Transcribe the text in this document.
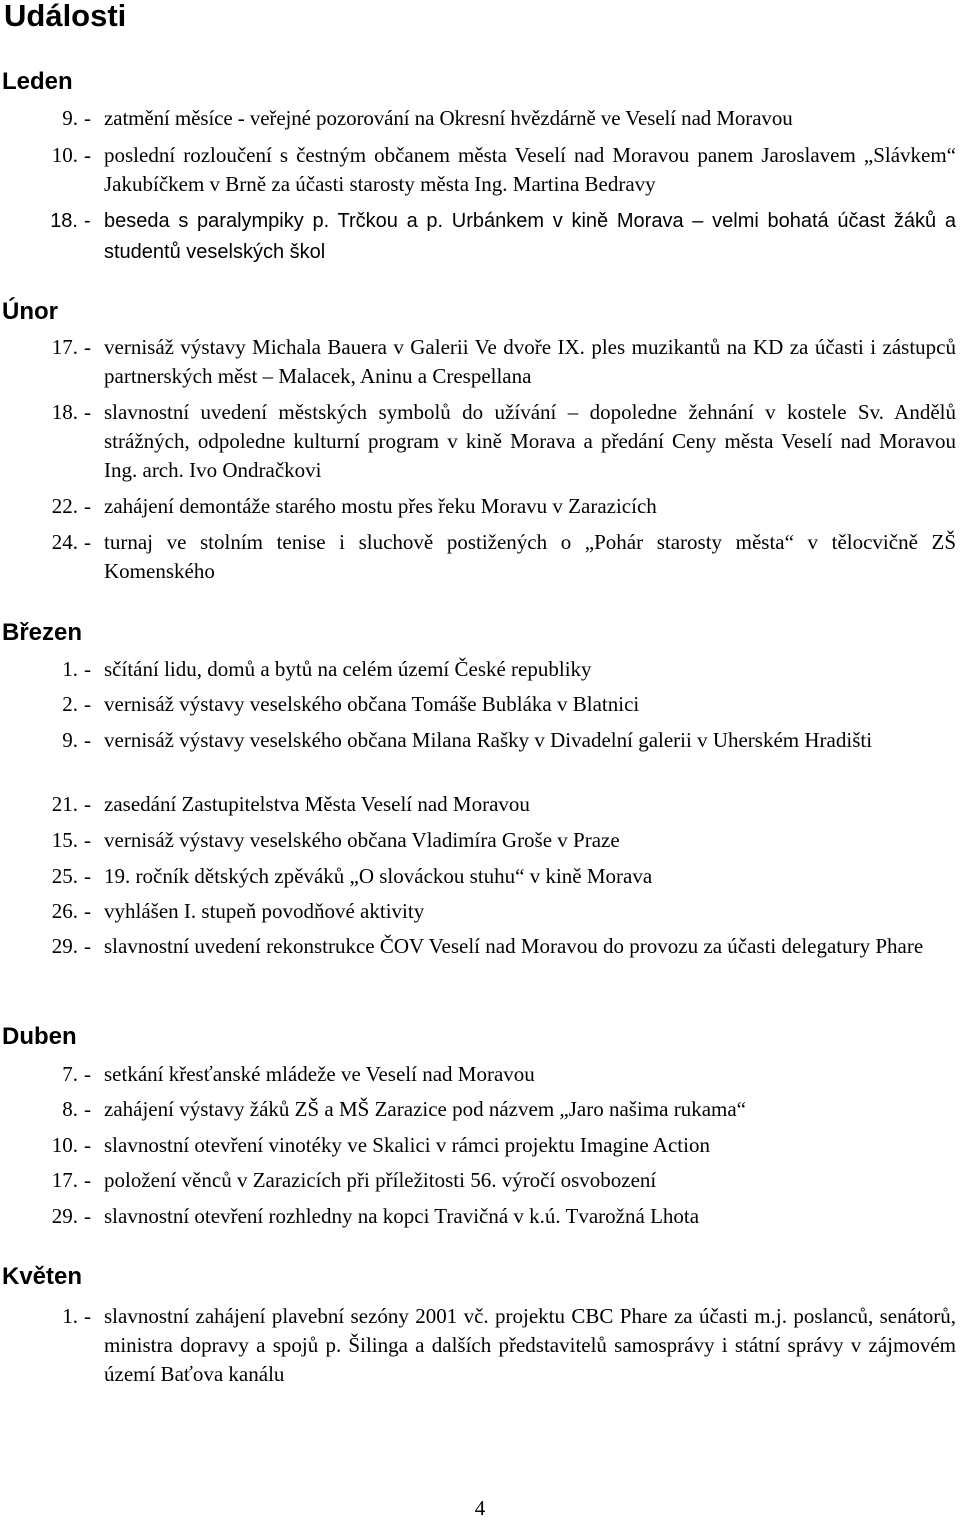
Události
Leden
9. - zatmění měsíce - veřejné pozorování na Okresní hvězdárně ve Veselí nad Moravou
10. - poslední rozloučení s čestným občanem města Veselí nad Moravou panem Jaroslavem „Slávkem“ Jakubíčkem v Brně za účasti starosty města Ing. Martina Bedravy
18. - beseda s paralympiky p. Trčkou a p. Urbánkem v kině Morava – velmi bohatá účast žáků a studentů veselských škol
Únor
17. - vernisáž výstavy Michala Bauera v Galerii Ve dvoře IX. ples muzikantů na KD za účasti i zástupců partnerských měst – Malacek, Aninu a Crespellana
18. - slavnostní uvedení městských symbolů do užívání – dopoledne žehnání v kostele Sv. Andělů strážných, odpoledne kulturní program v kině Morava a předání Ceny města Veselí nad Moravou Ing. arch. Ivo Ondračkovi
22. - zahájení demontáže starého mostu přes řeku Moravu v Zarazicích
24. - turnaj ve stolním tenise i sluchově postižených o „Pohár starosty města“ v tělocvičně ZŠ Komenského
Březen
1. - sčítání lidu, domů a bytů na celém území České republiky
2. - vernisáž výstavy veselského občana Tomáše Bubláka v Blatnici
9. - vernisáž výstavy veselského občana Milana Rašky v Divadelní galerii v Uherském Hradišti
21. - zasedání Zastupitelstva Města Veselí nad Moravou
15. - vernisáž výstavy veselského občana Vladimíra Groše v Praze
25. - 19. ročník dětských zpěváků „O slováckou stuhu“ v kině Morava
26. - vyhlášen I. stupeň povodňové aktivity
29. - slavnostní uvedení rekonstrukce ČOV Veselí nad Moravou do provozu za účasti delegatury Phare
Duben
7. - setkání křesťanské mládeže ve Veselí nad Moravou
8. - zahájení výstavy žáků ZŠ a MŠ Zarazice pod názvem „Jaro našima rukama“
10. - slavnostní otevření vinotéky ve Skalici v rámci projektu Imagine Action
17. - položení věnců v Zarazicích při příležitosti 56. výročí osvobození
29. - slavnostní otevření rozhledny na kopci Travičná v k.ú. Tvarožná Lhota
Květen
1. - slavnostní zahájení plavební sezóny 2001 vč. projektu CBC Phare za účasti m.j. poslanců, senátorů, ministra dopravy a spojů p. Šilinga a dalších představitelů samosprávy i státní správy v zájmovém území Baťova kanálu
4
